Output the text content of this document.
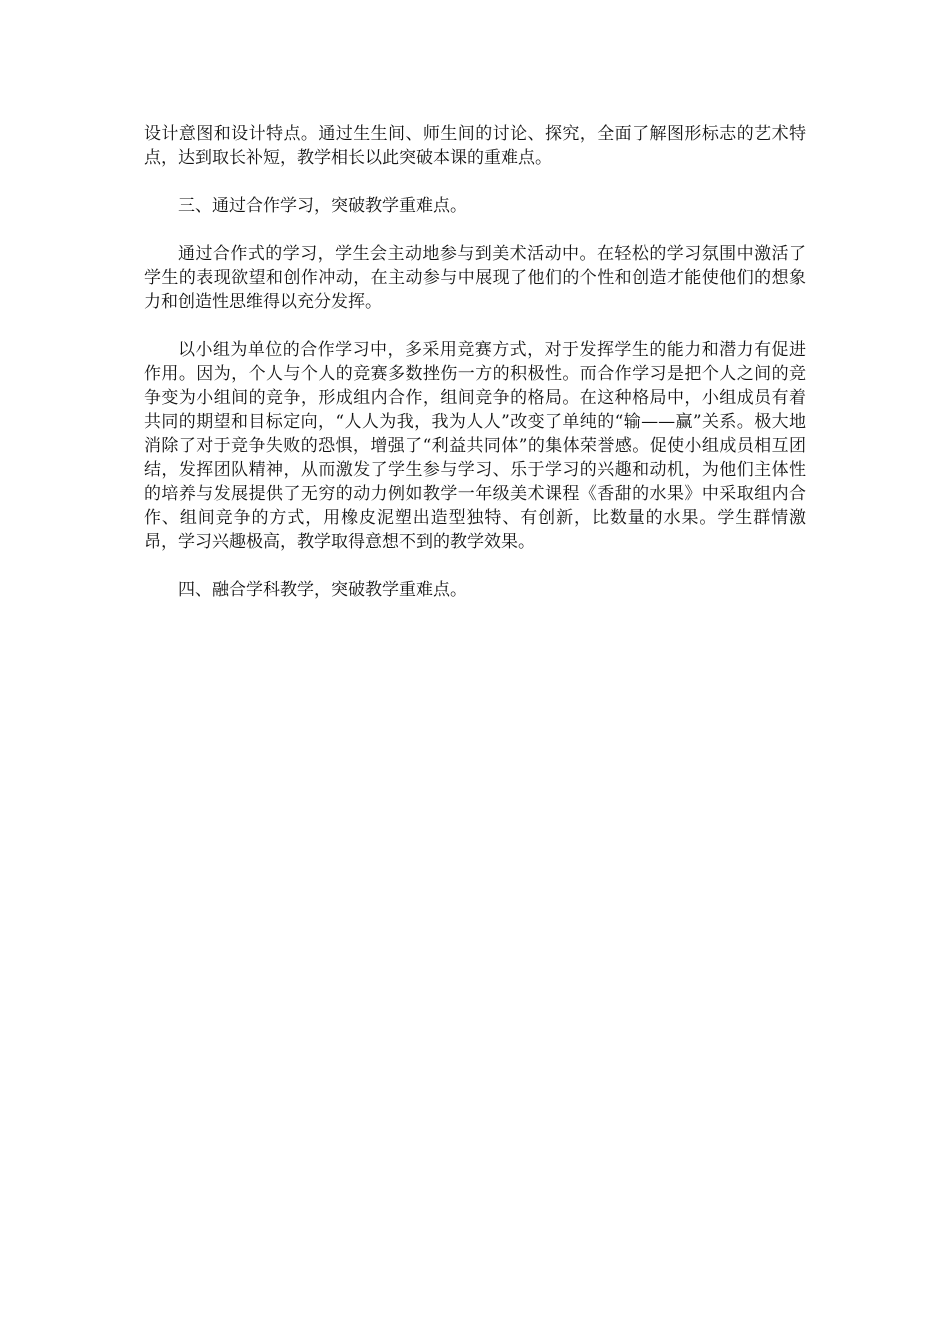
设计意图和设计特点。通过生生间、师生间的讨论、探究，全面了解图形标志的艺术特点，达到取长补短，教学相长以此突破本课的重难点。

三、通过合作学习，突破教学重难点。

通过合作式的学习，学生会主动地参与到美术活动中。在轻松的学习氛围中激活了学生的表现欲望和创作冲动，在主动参与中展现了他们的个性和创造才能使他们的想象力和创造性思维得以充分发挥。

以小组为单位的合作学习中，多采用竞赛方式，对于发挥学生的能力和潜力有促进作用。因为，个人与个人的竞赛多数挫伤一方的积极性。而合作学习是把个人之间的竞争变为小组间的竞争，形成组内合作，组间竞争的格局。在这种格局中，小组成员有着共同的期望和目标定向，“人人为我，我为人人”改变了单纯的“输——赢”关系。极大地消除了对于竞争失败的恐惧，增强了“利益共同体”的集体荣誉感。促使小组成员相互团结，发挥团队精神，从而激发了学生参与学习、乐于学习的兴趣和动机，为他们主体性的培养与发展提供了无穷的动力例如教学一年级美术课程《香甜的水果》中采取组内合作、组间竞争的方式，用橡皮泥塑出造型独特、有创新，比数量的水果。学生群情激昂，学习兴趣极高，教学取得意想不到的教学效果。

四、融合学科教学，突破教学重难点。
